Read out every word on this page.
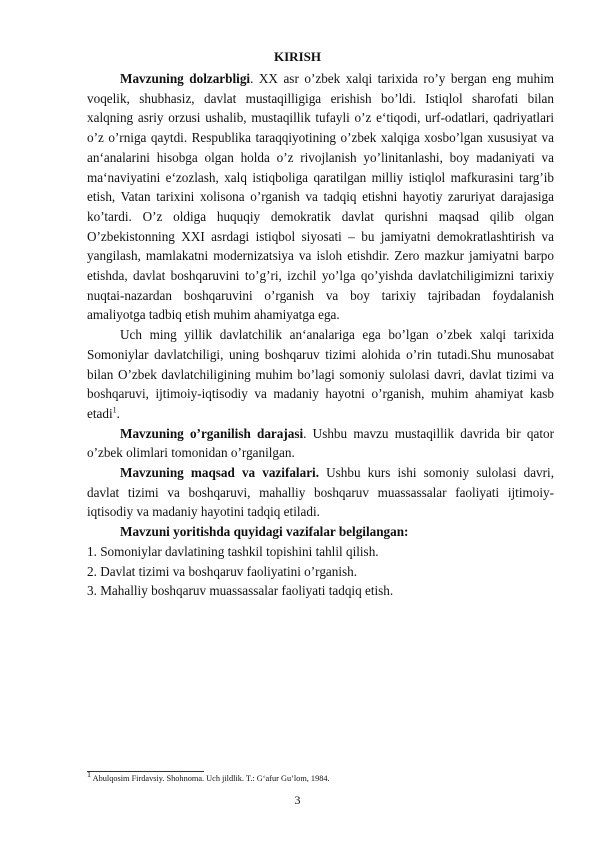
KIRISH

Mavzuning dolzarbligi. XX asr o’zbek xalqi tarixida ro’y bergan eng muhim voqelik, shubhasiz, davlat mustaqilligiga erishish bo’ldi. Istiqlol sharofati bilan xalqning asriy orzusi ushalib, mustaqillik tufayli o’z e‘tiqodi, urf-odatlari, qadriyatlari o’z o’rniga qaytdi. Respublika taraqqiyotining o’zbek xalqiga xosbo’lgan xususiyat va an‘analarini hisobga olgan holda o’z rivojlanish yo’linitanlashi, boy madaniyati va ma‘naviyatini e‘zozlash, xalq istiqboliga qaratilgan milliy istiqlol mafkurasini targ’ib etish, Vatan tarixini xolisona o’rganish va tadqiq etishni hayotiy zaruriyat darajasiga ko’tardi. O’z oldiga huquqiy demokratik davlat qurishni maqsad qilib olgan O’zbekistonning XXI asrdagi istiqbol siyosati – bu jamiyatni demokratlashtirish va yangilash, mamlakatni modernizatsiya va isloh etishdir. Zero mazkur jamiyatni barpo etishda, davlat boshqaruvini to’g’ri, izchil yo’lga qo’yishda davlatchiligimizni tarixiy nuqtai-nazardan boshqaruvini o’rganish va boy tarixiy tajribadan foydalanish amaliyotga tadbiq etish muhim ahamiyatga ega.

Uch ming yillik davlatchilik an‘analariga ega bo’lgan o’zbek xalqi tarixida Somoniylar davlatchiligi, uning boshqaruv tizimi alohida o’rin tutadi.Shu munosabat bilan O’zbek davlatchiligining muhim bo’lagi somoniy sulolasi davri, davlat tizimi va boshqaruvi, ijtimoiy-iqtisodiy va madaniy hayotni o’rganish, muhim ahamiyat kasb etadi$^1$.

Mavzuning o’rganilish darajasi. Ushbu mavzu mustaqillik davrida bir qator o’zbek olimlari tomonidan o’rganilgan.

Mavzuning maqsad va vazifalari. Ushbu kurs ishi somoniy sulolasi davri, davlat tizimi va boshqaruvi, mahalliy boshqaruv muassassalar faoliyati ijtimoiy-iqtisodiy va madaniy hayotini tadqiq etiladi.

Mavzuni yoritishda quyidagi vazifalar belgilangan:

1. Somoniylar davlatining tashkil topishini tahlil qilish.

2. Davlat tizimi va boshqaruv faoliyatini o’rganish.

3. Mahalliy boshqaruv muassassalar faoliyati tadqiq etish.

$^1$ Abulqosim Firdavsiy. Shohnoma. Uch jildlik. T.: G‘afur Gu’lom, 1984.
3
